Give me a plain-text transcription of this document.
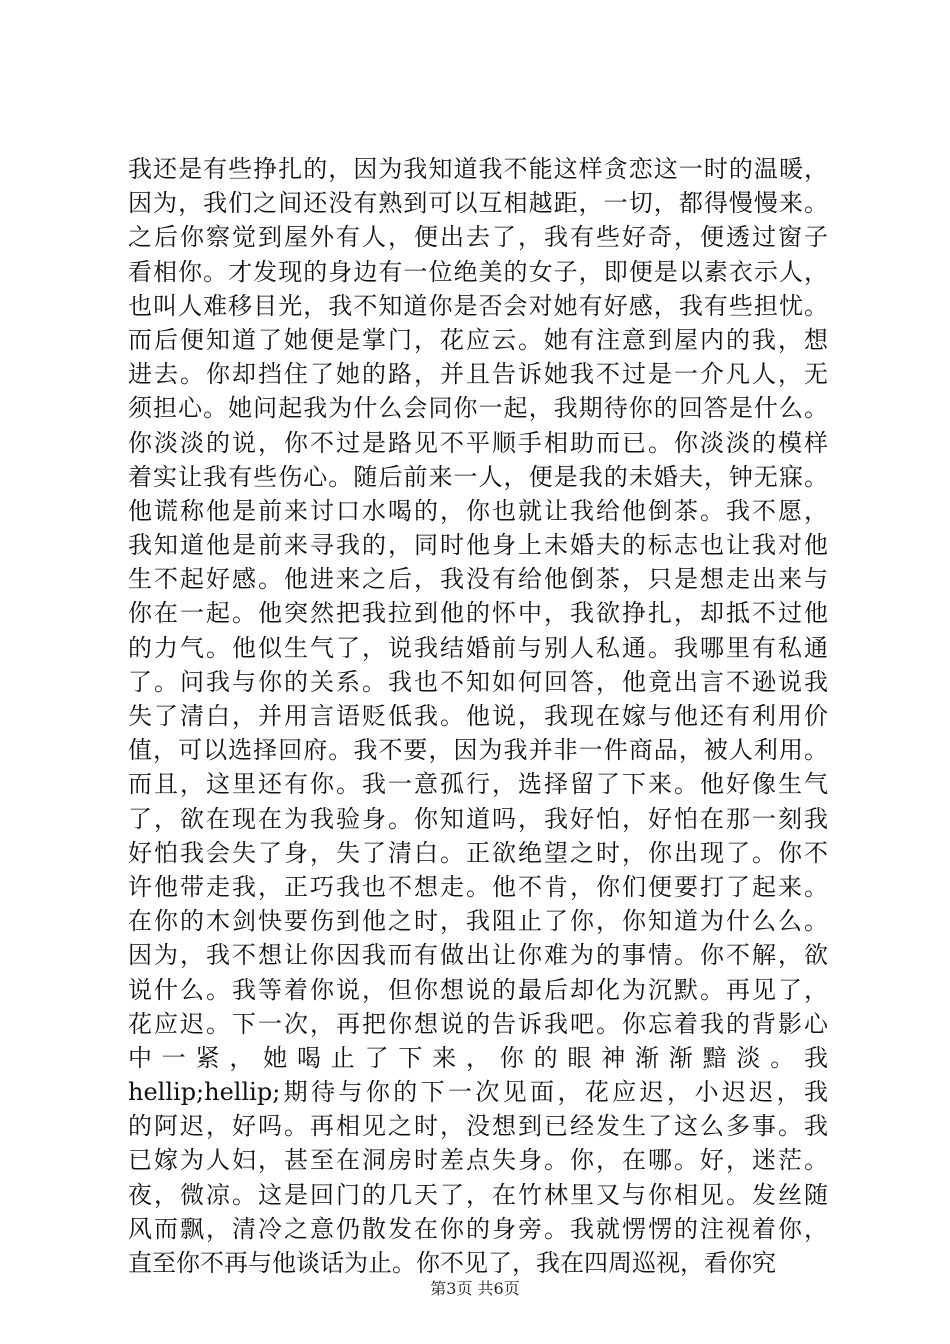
我还是有些挣扎的，因为我知道我不能这样贪恋这一时的温暖，
因为，我们之间还没有熟到可以互相越距，一切，都得慢慢来。
之后你察觉到屋外有人，便出去了，我有些好奇，便透过窗子
看相你。才发现的身边有一位绝美的女子，即便是以素衣示人，
也叫人难移目光，我不知道你是否会对她有好感，我有些担忧。
而后便知道了她便是掌门，花应云。她有注意到屋内的我，想
进去。你却挡住了她的路，并且告诉她我不过是一介凡人，无
须担心。她问起我为什么会同你一起，我期待你的回答是什么。
你淡淡的说，你不过是路见不平顺手相助而已。你淡淡的模样
着实让我有些伤心。随后前来一人，便是我的未婚夫，钟无寐。
他谎称他是前来讨口水喝的，你也就让我给他倒茶。我不愿，
我知道他是前来寻我的，同时他身上未婚夫的标志也让我对他
生不起好感。他进来之后，我没有给他倒茶，只是想走出来与
你在一起。他突然把我拉到他的怀中，我欲挣扎，却抵不过他
的力气。他似生气了，说我结婚前与别人私通。我哪里有私通
了。问我与你的关系。我也不知如何回答，他竟出言不逊说我
失了清白，并用言语贬低我。他说，我现在嫁与他还有利用价
值，可以选择回府。我不要，因为我并非一件商品，被人利用。
而且，这里还有你。我一意孤行，选择留了下来。他好像生气
了，欲在现在为我验身。你知道吗，我好怕，好怕在那一刻我
好怕我会失了身，失了清白。正欲绝望之时，你出现了。你不
许他带走我，正巧我也不想走。他不肯，你们便要打了起来。
在你的木剑快要伤到他之时，我阻止了你，你知道为什么么。
因为，我不想让你因我而有做出让你难为的事情。你不解，欲
说什么。我等着你说，但你想说的最后却化为沉默。再见了，
花应迟。下一次，再把你想说的告诉我吧。你忘着我的背影心
中一紧，她喝止了下来，你的眼神渐渐黯淡。我
hellip;hellip;期待与你的下一次见面，花应迟，小迟迟，我
的阿迟，好吗。再相见之时，没想到已经发生了这么多事。我
已嫁为人妇，甚至在洞房时差点失身。你，在哪。好，迷茫。
夜，微凉。这是回门的几天了，在竹林里又与你相见。发丝随
风而飘，清冷之意仍散发在你的身旁。我就愣愣的注视着你，
直至你不再与他谈话为止。你不见了，我在四周巡视，看你究
第3页 共6页
